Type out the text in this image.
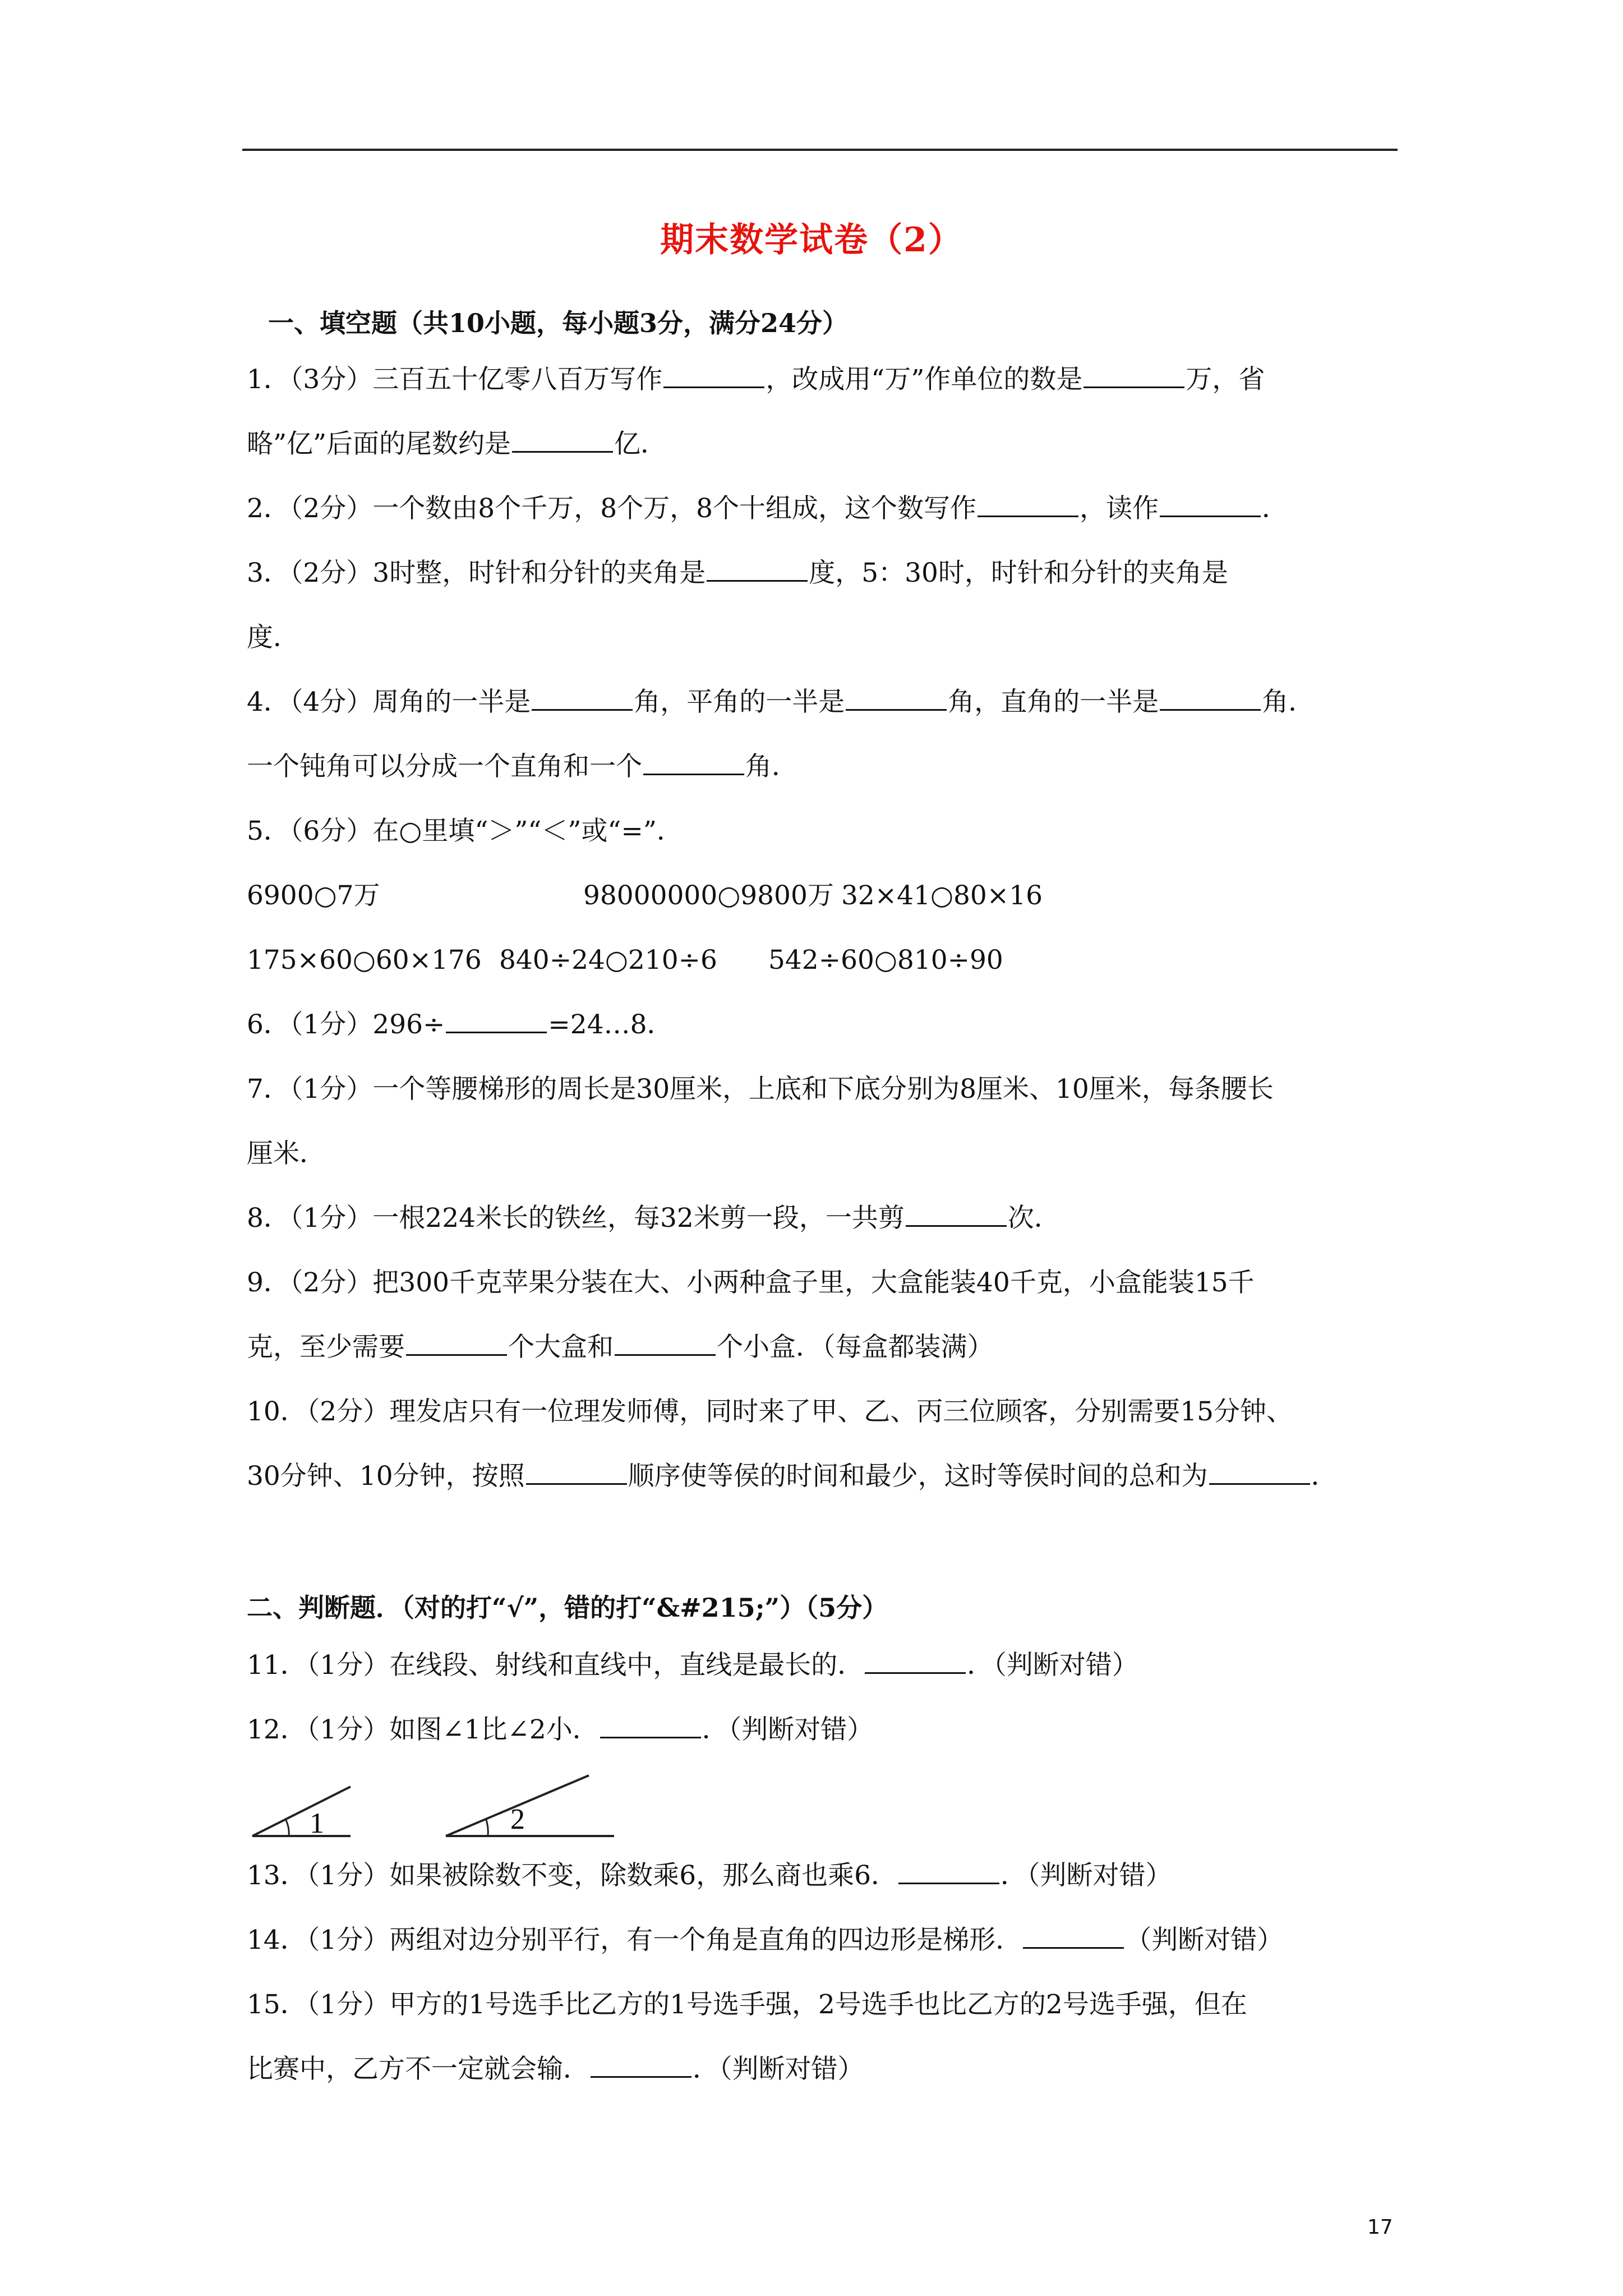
期末数学试卷（2）
一、填空题（共10小题，每小题3分，满分24分）
1．（3分）三百五十亿零八百万写作	，改成用“万”作单位的数是	万，省
略”亿”后面的尾数约是	亿．
2．（2分）一个数由8个千万，8个万，8个十组成，这个数写作	，读作	．
3．（2分）3时整，时针和分针的夹角是	度，5：30时，时针和分针的夹角是
度．
4．（4分）周角的一半是	角，平角的一半是	角，直角的一半是	角．
一个钝角可以分成一个直角和一个	角．
5．（6分）在○里填“＞”“＜”或“=”．
6900○7万	98000000○9800万 32×41○80×16
175×60○60×176 840÷24○210÷6 542÷60○810÷90
6．（1分）296÷	=24…8．
7．（1分）一个等腰梯形的周长是30厘米，上底和下底分别为8厘米、10厘米，每条腰长
厘米．
8．（1分）一根224米长的铁丝，每32米剪一段，一共剪	次．
9．（2分）把300千克苹果分装在大、小两种盒子里，大盒能装40千克，小盒能装15千
克，至少需要	个大盒和	个小盒．（每盒都装满）
10．（2分）理发店只有一位理发师傅，同时来了甲、乙、丙三位顾客，分别需要15分钟、
30分钟、10分钟，按照	顺序使等侯的时间和最少，这时等侯时间的总和为	．
二、判断题．（对的打“√”，错的打“&#215;”）（5分）
11．（1分）在线段、射线和直线中，直线是最长的．	．（判断对错）
12．（1分）如图∠1比∠2小．	．（判断对错）
1	2
13．（1分）如果被除数不变，除数乘6，那么商也乘6．	．（判断对错）
14．（1分）两组对边分别平行，有一个角是直角的四边形是梯形．	（判断对错）
15．（1分）甲方的1号选手比乙方的1号选手强，2号选手也比乙方的2号选手强，但在
比赛中，乙方不一定就会输．	．（判断对错）
17
